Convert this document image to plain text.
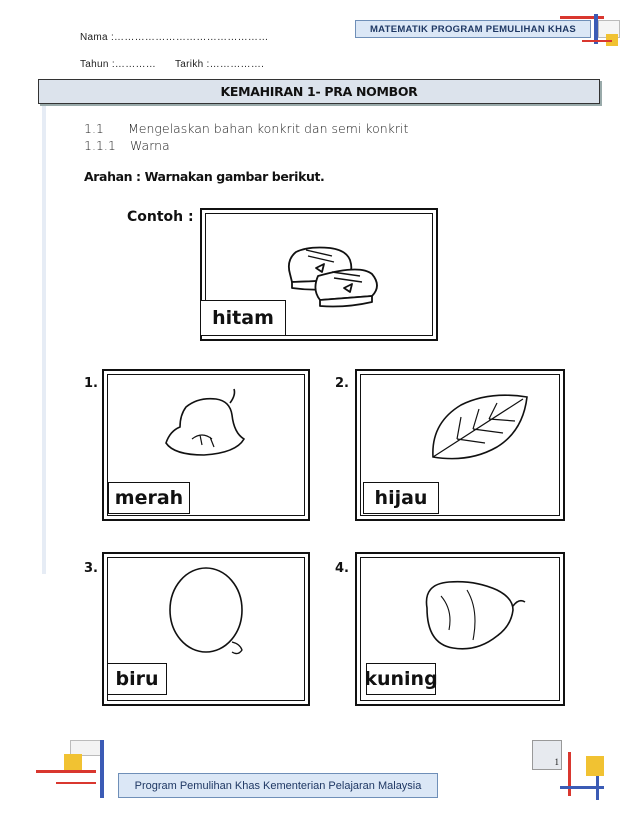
Nama :………………………………………
Tahun :………… Tarikh :…………….
MATEMATIK PROGRAM PEMULIHAN KHAS
KEMAHIRAN 1- PRA NOMBOR
1.1 Mengelaskan bahan konkrit dan semi konkrit
1.1.1 Warna
Arahan : Warnakan gambar berikut.
Contoh :
hitam
1.
merah
2.
hijau
3.
biru
4.
kuning
Program Pemulihan Khas Kementerian Pelajaran Malaysia
1
